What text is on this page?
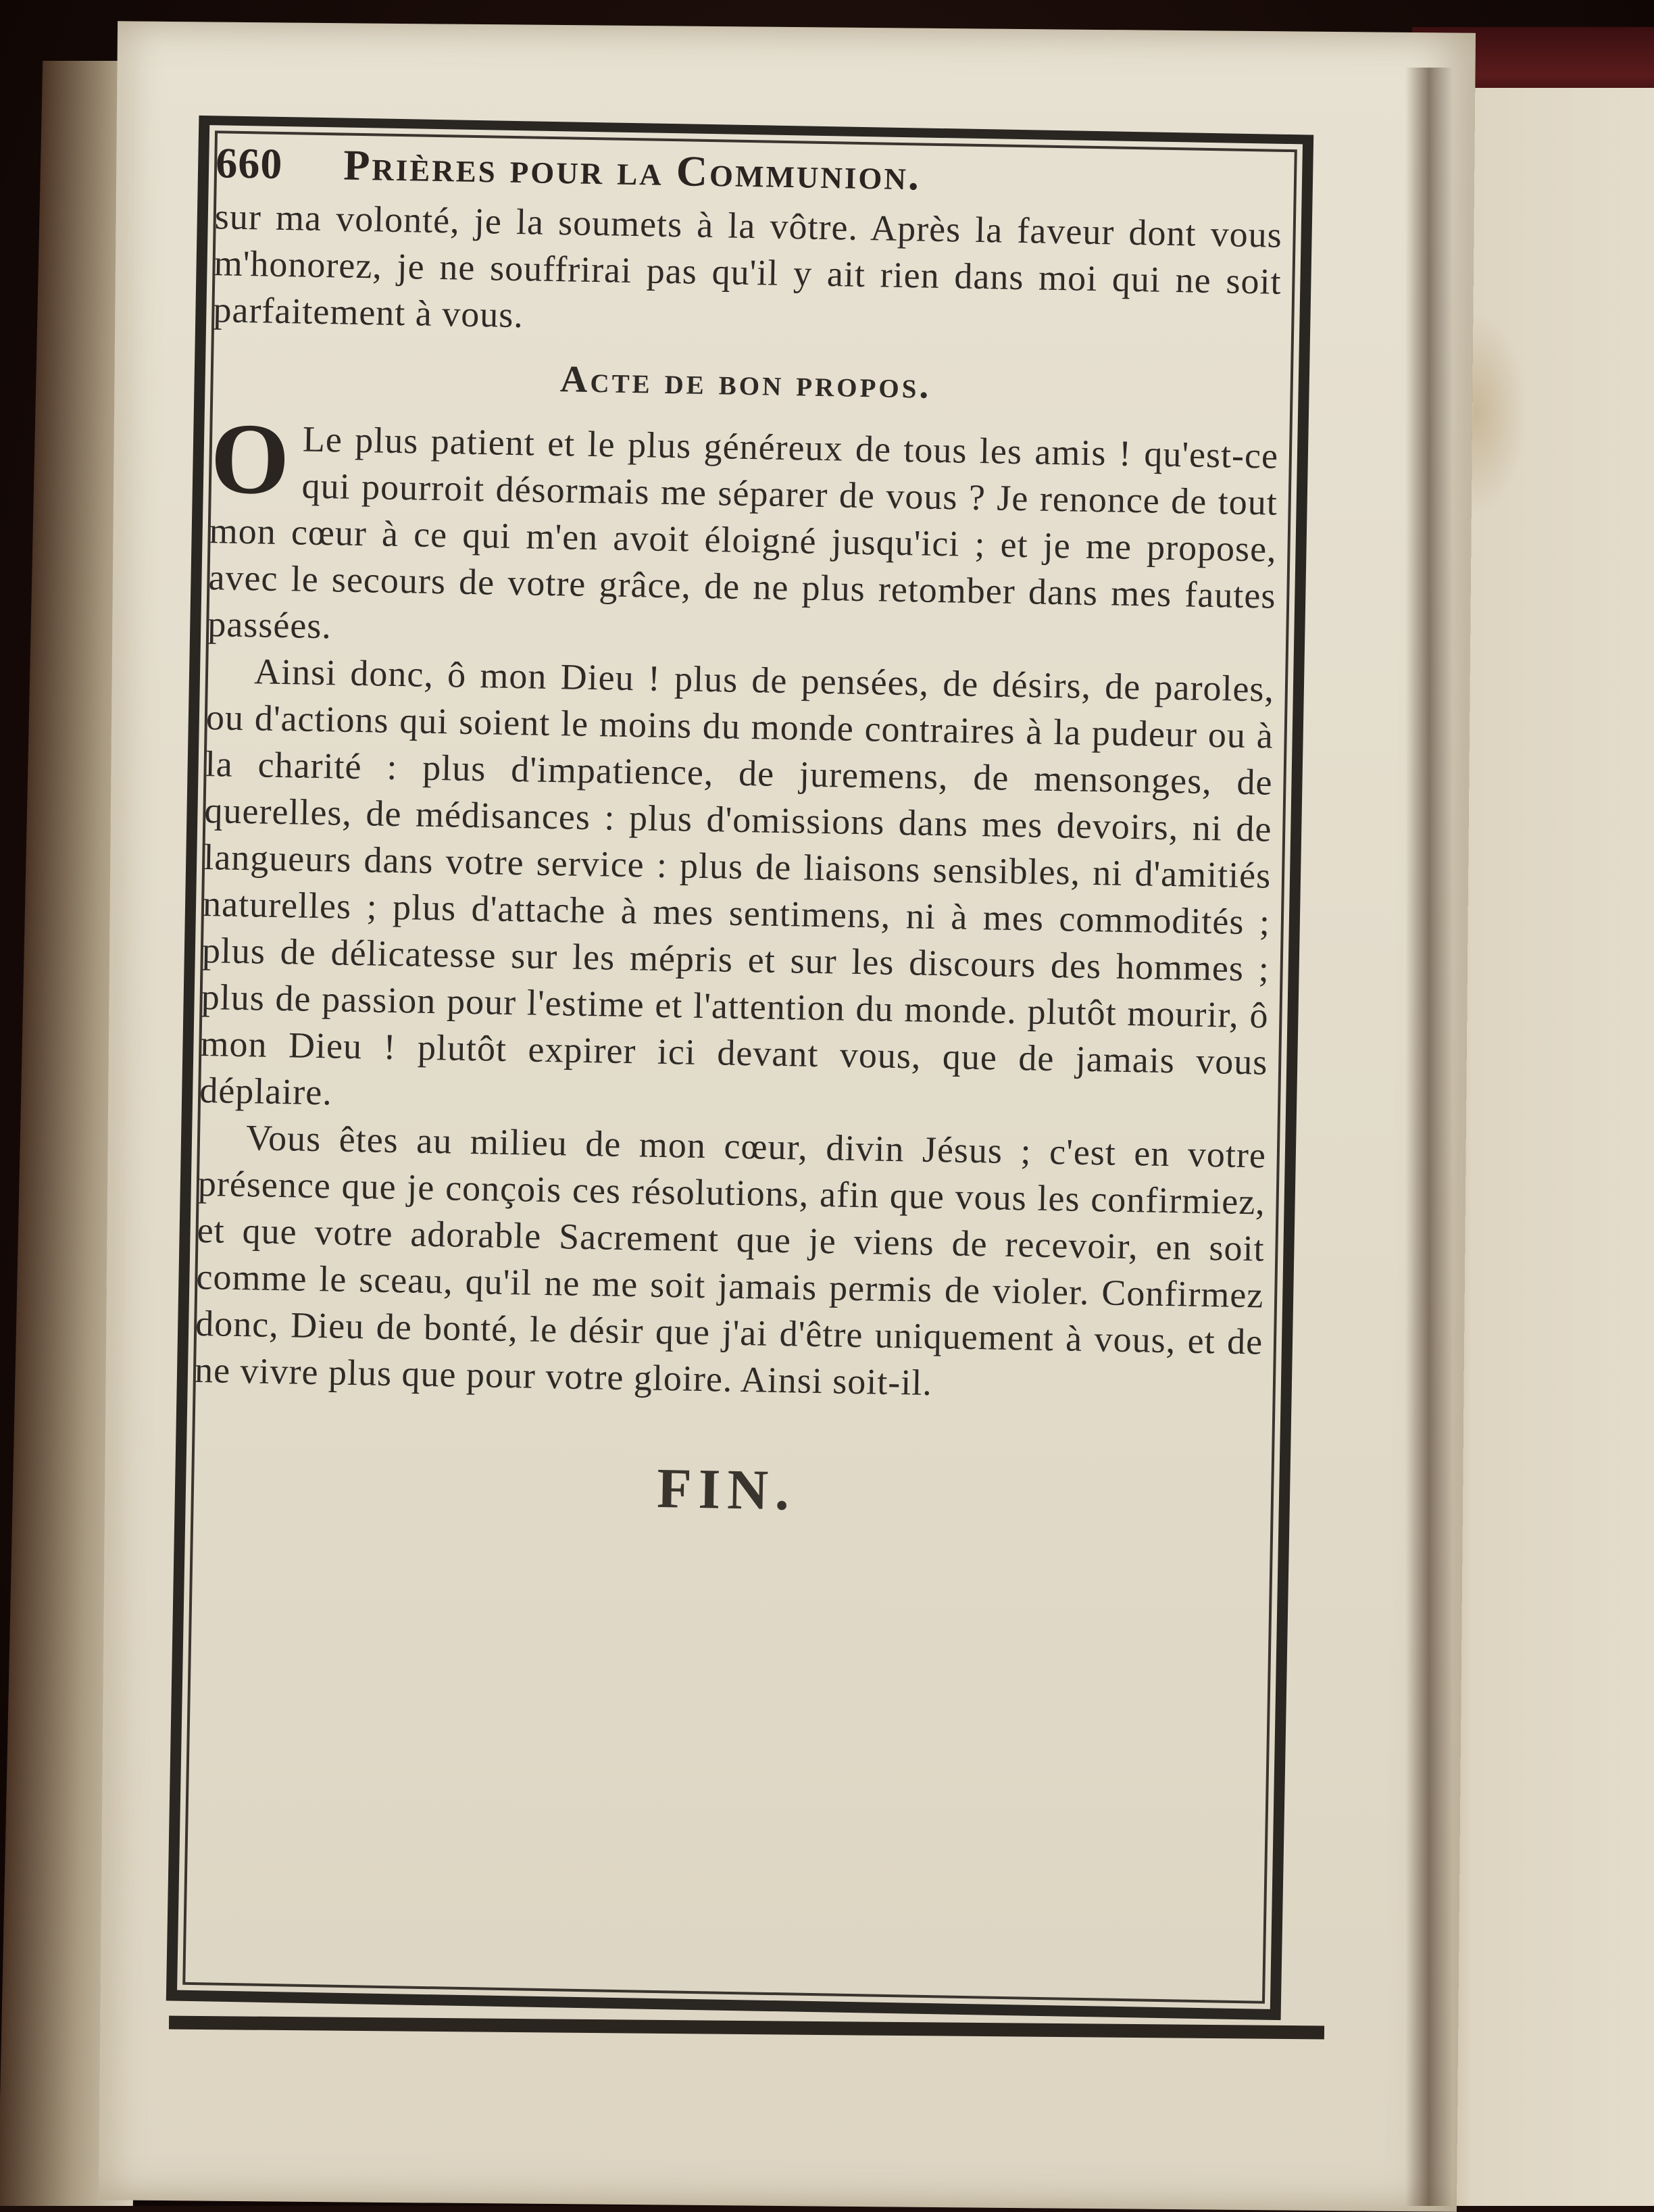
660 Prières pour la Communion.

sur ma volonté, je la soumets à la vôtre. Après la faveur dont vous m'honorez, je ne souffrirai pas qu'il y ait rien dans moi qui ne soit parfaitement à vous.

Acte de bon propos.

O Le plus patient et le plus généreux de tous les amis ! qu'est-ce qui pourroit désormais me séparer de vous ? Je renonce de tout mon cœur à ce qui m'en avoit éloigné jusqu'ici ; et je me propose, avec le secours de votre grâce, de ne plus retomber dans mes fautes passées.

Ainsi donc, ô mon Dieu ! plus de pensées, de désirs, de paroles, ou d'actions qui soient le moins du monde contraires à la pudeur ou à la charité : plus d'impatience, de juremens, de mensonges, de querelles, de médisances : plus d'omissions dans mes devoirs, ni de langueurs dans votre service : plus de liaisons sensibles, ni d'amitiés naturelles ; plus d'attache à mes sentimens, ni à mes commodités ; plus de délicatesse sur les mépris et sur les discours des hommes ; plus de passion pour l'estime et l'attention du monde. plutôt mourir, ô mon Dieu ! plutôt expirer ici devant vous, que de jamais vous déplaire.

Vous êtes au milieu de mon cœur, divin Jésus ; c'est en votre présence que je conçois ces résolutions, afin que vous les confirmiez, et que votre adorable Sacrement que je viens de recevoir, en soit comme le sceau, qu'il ne me soit jamais permis de violer. Confirmez donc, Dieu de bonté, le désir que j'ai d'être uniquement à vous, et de ne vivre plus que pour votre gloire. Ainsi soit-il.

FIN.
